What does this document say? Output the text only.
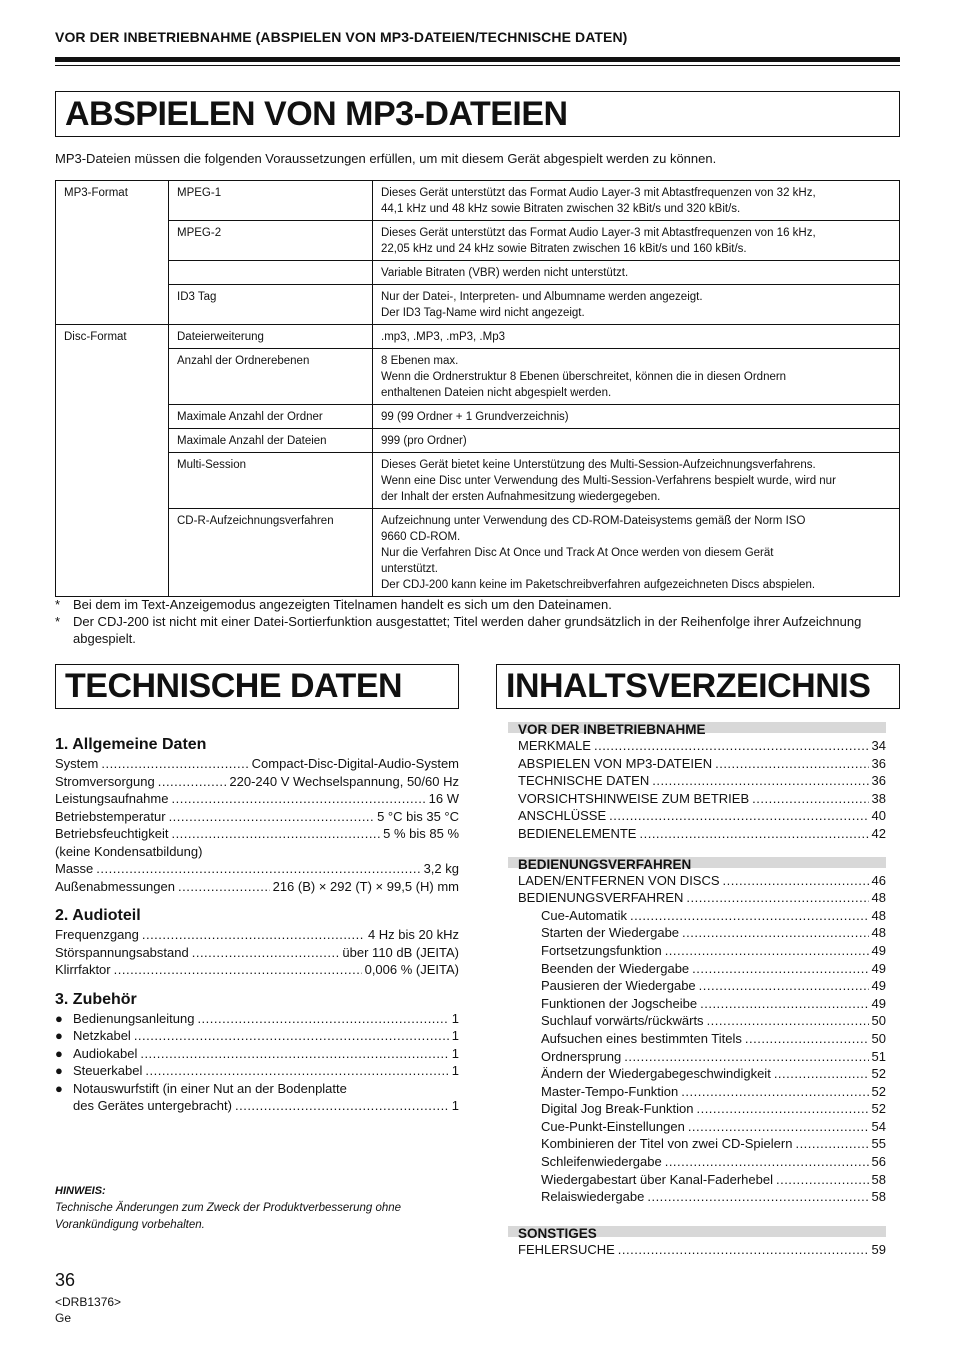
VOR DER INBETRIEBNAHME (ABSPIELEN VON MP3-DATEIEN/TECHNISCHE DATEN)
ABSPIELEN VON MP3-DATEIEN

MP3-Dateien müssen die folgenden Voraussetzungen erfüllen, um mit diesem Gerät abgespielt werden zu können.

MP3-Format	MPEG-1	Dieses Gerät unterstützt das Format Audio Layer-3 mit Abtastfrequenzen von 32 kHz,
44,1 kHz und 48 kHz sowie Bitraten zwischen 32 kBit/s und 320 kBit/s.

	MPEG-2	Dieses Gerät unterstützt das Format Audio Layer-3 mit Abtastfrequenzen von 16 kHz,
22,05 kHz und 24 kHz sowie Bitraten zwischen 16 kBit/s und 160 kBit/s.

		Variable Bitraten (VBR) werden nicht unterstützt.

	ID3 Tag	Nur der Datei-, Interpreten- und Albumname werden angezeigt.
Der ID3 Tag-Name wird nicht angezeigt.

Disc-Format	Dateierweiterung	.mp3, .MP3, .mP3, .Mp3

	Anzahl der Ordnerebenen	8 Ebenen max.
Wenn die Ordnerstruktur 8 Ebenen überschreitet, können die in diesen Ordnern
enthaltenen Dateien nicht abgespielt werden.

	Maximale Anzahl der Ordner	99 (99 Ordner + 1 Grundverzeichnis)

	Maximale Anzahl der Dateien	999 (pro Ordner)

	Multi-Session	Dieses Gerät bietet keine Unterstützung des Multi-Session-Aufzeichnungsverfahrens.
Wenn eine Disc unter Verwendung des Multi-Session-Verfahrens bespielt wurde, wird nur
der Inhalt der ersten Aufnahmesitzung wiedergegeben.

	CD-R-Aufzeichnungsverfahren	Aufzeichnung unter Verwendung des CD-ROM-Dateisystems gemäß der Norm ISO
9660 CD-ROM.
Nur die Verfahren Disc At Once und Track At Once werden von diesem Gerät
unterstützt.
Der CDJ-200 kann keine im Paketschreibverfahren aufgezeichneten Discs abspielen.
* Bei dem im Text-Anzeigemodus angezeigten Titelnamen handelt es sich um den Dateinamen.
* Der CDJ-200 ist nicht mit einer Datei-Sortierfunktion ausgestattet; Titel werden daher grundsätzlich in der Reihenfolge ihrer Aufzeichnung abgespielt.
TECHNISCHE DATEN	INHALTSVERZEICHNIS
1. Allgemeine Daten
System .....	Compact-Disc-Digital-Audio-System
Stromversorgung .....	220-240 V Wechselspannung, 50/60 Hz
Leistungsaufnahme .....	16 W
Betriebstemperatur .....	5 °C bis 35 °C
Betriebsfeuchtigkeit .....	5 % bis 85 %
(keine Kondensatbildung)
Masse .....	3,2 kg
Außenabmessungen .....	216 (B) × 292 (T) × 99,5 (H) mm
2. Audioteil
Frequenzgang .....	4 Hz bis 20 kHz
Störspannungsabstand .....	über 110 dB (JEITA)
Klirrfaktor .....	0,006 % (JEITA)
3. Zubehör
● Bedienungsanleitung .....	1
● Netzkabel .....	1
● Audiokabel .....	1
● Steuerkabel .....	1
● Notauswurfstift (in einer Nut an der Bodenplatte
des Gerätes untergebracht) .....	1
HINWEIS:
Technische Änderungen zum Zweck der Produktverbesserung ohne Vorankündigung vorbehalten.
VOR DER INBETRIEBNAHME
MERKMALE .....	34
ABSPIELEN VON MP3-DATEIEN .....	36
TECHNISCHE DATEN .....	36
VORSICHTSHINWEISE ZUM BETRIEB .....	38
ANSCHLÜSSE .....	40
BEDIENELEMENTE .....	42
BEDIENUNGSVERFAHREN
LADEN/ENTFERNEN VON DISCS .....	46
BEDIENUNGSVERFAHREN .....	48
Cue-Automatik .....	48
Starten der Wiedergabe .....	48
Fortsetzungsfunktion .....	49
Beenden der Wiedergabe .....	49
Pausieren der Wiedergabe .....	49
Funktionen der Jogscheibe .....	49
Suchlauf vorwärts/rückwärts .....	50
Aufsuchen eines bestimmten Titels .....	50
Ordnersprung .....	51
Ändern der Wiedergabegeschwindigkeit .....	52
Master-Tempo-Funktion .....	52
Digital Jog Break-Funktion .....	52
Cue-Punkt-Einstellungen .....	54
Kombinieren der Titel von zwei CD-Spielern .....	55
Schleifenwiedergabe .....	56
Wiedergabestart über Kanal-Faderhebel .....	58
Relaiswiedergabe .....	58
SONSTIGES
FEHLERSUCHE .....	59
36
<DRB1376>
Ge
